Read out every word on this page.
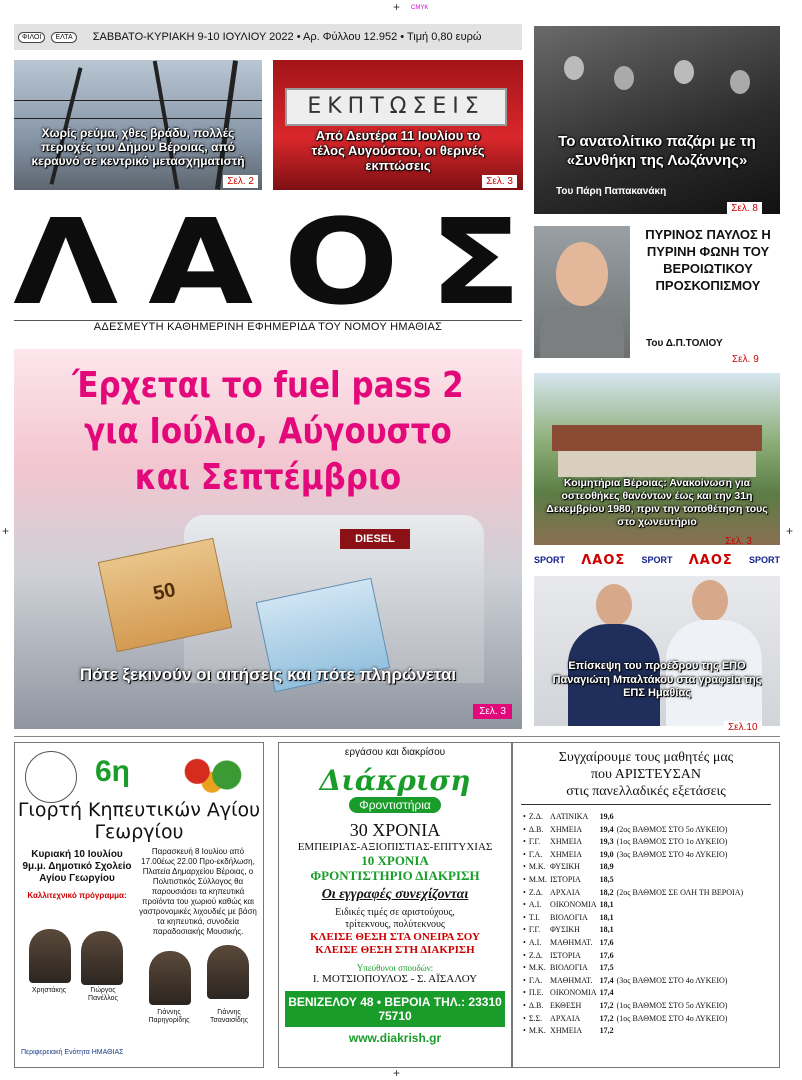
+ CMYK
+	+
+
ΦΙΛΟΙ	ΕΛΤΑ	ΣΑΒΒΑΤΟ-ΚΥΡΙΑΚΗ 9-10 ΙΟΥΛΙΟΥ 2022 • Αρ. Φύλλου 12.952 • Τιμή 0,80 ευρώ
Χωρίς ρεύμα, χθες βράδυ, πολλές περιοχές του Δήμου Βέροιας, από κεραυνό σε κεντρικό μετασχηματιστή
Σελ. 2
ΕΚΠΤΩΣΕΙΣ
Από Δευτέρα 11 Ιουλίου το τέλος Αυγούστου, οι θερινές εκπτώσεις
Σελ. 3
Το ανατολίτικο παζάρι με τη «Συνθήκη της Λωζάννης»
Του Πάρη Παπακανάκη
Σελ. 8
Λ Α Ο Σ
ΑΔΕΣΜΕΥΤΗ ΚΑΘΗΜΕΡΙΝΗ ΕΦΗΜΕΡΙΔΑ ΤΟΥ ΝΟΜΟΥ ΗΜΑΘΙΑΣ
ΠΥΡΙΝΟΣ ΠΑΥΛΟΣ Η ΠΥΡΙΝΗ ΦΩΝΗ ΤΟΥ ΒΕΡΟΙΩΤΙΚΟΥ ΠΡΟΣΚΟΠΙΣΜΟΥ
Του Δ.Π.ΤΟΛΙΟΥ
Σελ. 9
Κοιμητήρια Βέροιας: Ανακοίνωση για οστεοθήκες θανόντων έως και την 31η Δεκεμβρίου 1980, πριν την τοποθέτηση τους στο χωνευτήριο
Σελ. 3
SPORT ΛΑΟΣ SPORT ΛΑΟΣ SPORT
Επίσκεψη του προέδρου της ΕΠΟ Παναγιώτη Μπαλτάκου στα γραφεία της ΕΠΣ Ημαθίας
Σελ.10
Έρχεται το fuel pass 2
για Ιούλιο, Αύγουστο
και Σεπτέμβριο
DIESEL
50
Πότε ξεκινούν οι αιτήσεις και πότε πληρώνεται
Σελ. 3
6η
Γιορτή Κηπευτικών Αγίου Γεωργίου
Κυριακή 10 Ιουλίου 9μ.μ. Δημοτικό Σχολείο Αγίου Γεωργίου
Καλλιτεχνικό πρόγραμμα:
Παρασκευή 8 Ιουλίου από 17.00έως 22.00 Προ-εκδήλωση, Πλατεία Δημαρχείου Βέροιας, ο Πολιτιστικός Σύλλογος θα παρουσιάσει τα κηπευτικά προϊόντα του χωριού καθώς και γαστρονομικές λιχουδιές με βάση τα κηπευτικά, συνοδεία παραδοσιακής Μουσικής.
Χρηστάκης	Γιώργος Πανέλλος
Γιάννης Παρηγορίδης
Γιάννης Τσαναισίδης
Περιφερειακή Ενότητα ΗΜΑΘΙΑΣ
εργάσου και διακρίσου
Διάκριση
Φροντιστήρια
30 ΧΡΟΝΙΑ
ΕΜΠΕΙΡΙΑΣ-ΑΞΙΟΠΙΣΤΙΑΣ-ΕΠΙΤΥΧΙΑΣ
10 ΧΡΟΝΙΑ
ΦΡΟΝΤΙΣΤΗΡΙΟ ΔΙΑΚΡΙΣΗ
Οι εγγραφές συνεχίζονται
Ειδικές τιμές σε αριστούχους,
τρίτεκνους, πολύτεκνους
ΚΛΕΙΣΕ ΘΕΣΗ ΣΤΑ ΟΝΕΙΡΑ ΣΟΥ
ΚΛΕΙΣΕ ΘΕΣΗ ΣΤΗ ΔΙΑΚΡΙΣΗ
Υπεύθυνοι σπουδών:
Ι. ΜΟΤΣΙΟΠΟΥΛΟΣ - Σ. ΑΪΣΑΛΟΥ
ΒΕΝΙΖΕΛΟΥ 48 • ΒΕΡΟΙΑ ΤΗΛ.: 23310 75710
www.diakrish.gr
Συγχαίρουμε τους μαθητές μας
που ΑΡΙΣΤΕΥΣΑΝ
στις πανελλαδικές εξετάσεις
•	Ζ.Δ.	ΛΑΤΙΝΙΚΑ	19,6	
•	Δ.Β.	ΧΗΜΕΙΑ	19,4	(2ος ΒΑΘΜΟΣ ΣΤΟ 5ο ΛΥΚΕΙΟ)
•	Γ.Γ.	ΧΗΜΕΙΑ	19,3	(1ος ΒΑΘΜΟΣ ΣΤΟ 1ο ΛΥΚΕΙΟ)
•	Γ.Α.	ΧΗΜΕΙΑ	19,0	(3ος ΒΑΘΜΟΣ ΣΤΟ 4ο ΛΥΚΕΙΟ)
•	Μ.Κ.	ΦΥΣΙΚΗ	18,9	
•	Μ.Μ.	ΙΣΤΟΡΙΑ	18,5	
•	Ζ.Δ.	ΑΡΧΑΙΑ	18,2	(2ος ΒΑΘΜΟΣ ΣΕ ΟΛΗ ΤΗ ΒΕΡΟΙΑ)
•	Α.Ι.	ΟΙΚΟΝΟΜΙΑ	18,1	
•	Τ.Ι.	ΒΙΟΛΟΓΙΑ	18,1	
•	Γ.Γ.	ΦΥΣΙΚΗ	18,1	
•	Α.Ι.	ΜΑΘΗΜΑΤ.	17,6	
•	Ζ.Δ.	ΙΣΤΟΡΙΑ	17,6	
•	Μ.Κ.	ΒΙΟΛΟΓΙΑ	17,5	
•	Γ.Α.	ΜΑΘΗΜΑΤ.	17,4	(3ος ΒΑΘΜΟΣ ΣΤΟ 4ο ΛΥΚΕΙΟ)
•	Π.Ε.	ΟΙΚΟΝΟΜΙΑ	17,4	
•	Δ.Β.	ΕΚΘΕΣΗ	17,2	(1ος ΒΑΘΜΟΣ ΣΤΟ 5ο ΛΥΚΕΙΟ)
•	Σ.Σ.	ΑΡΧΑΙΑ	17,2	(1ος ΒΑΘΜΟΣ ΣΤΟ 4ο ΛΥΚΕΙΟ)
•	Μ.Κ.	ΧΗΜΕΙΑ	17,2	
